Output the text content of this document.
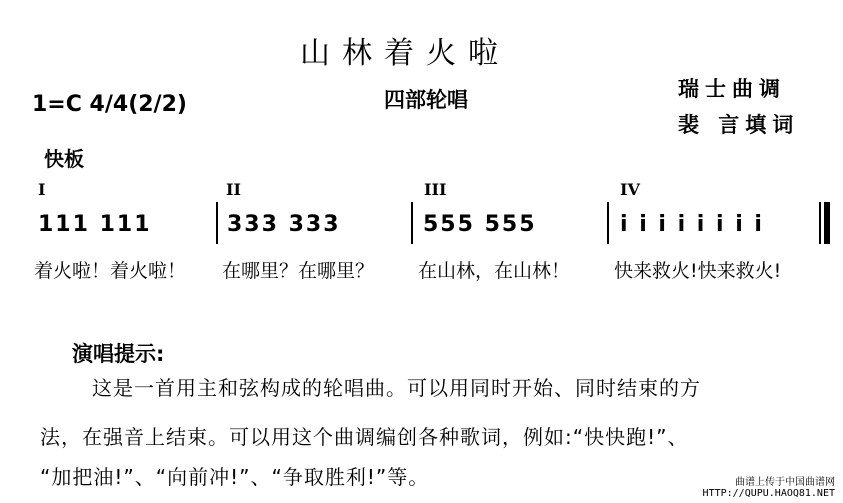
山林着火啦
1=C 4/4(2/2)	四部轮唱	瑞士曲调
裴 言填词
快板
I	II	III	IV
111 111	333 333	555 555	i i i i i i i i
着火啦！着火啦！ 在哪里？在哪里？ 在山林，在山林！ 快来救火!快来救火!
演唱提示:
这是一首用主和弦构成的轮唱曲。可以用同时开始、同时结束的方
法，在强音上结束。可以用这个曲调编创各种歌词，例如:“快快跑!”、
“加把油!”、“向前冲!”、“争取胜利!”等。	曲谱上传于中国曲谱网
HTTP://QUPU.HAOQ81.NET
